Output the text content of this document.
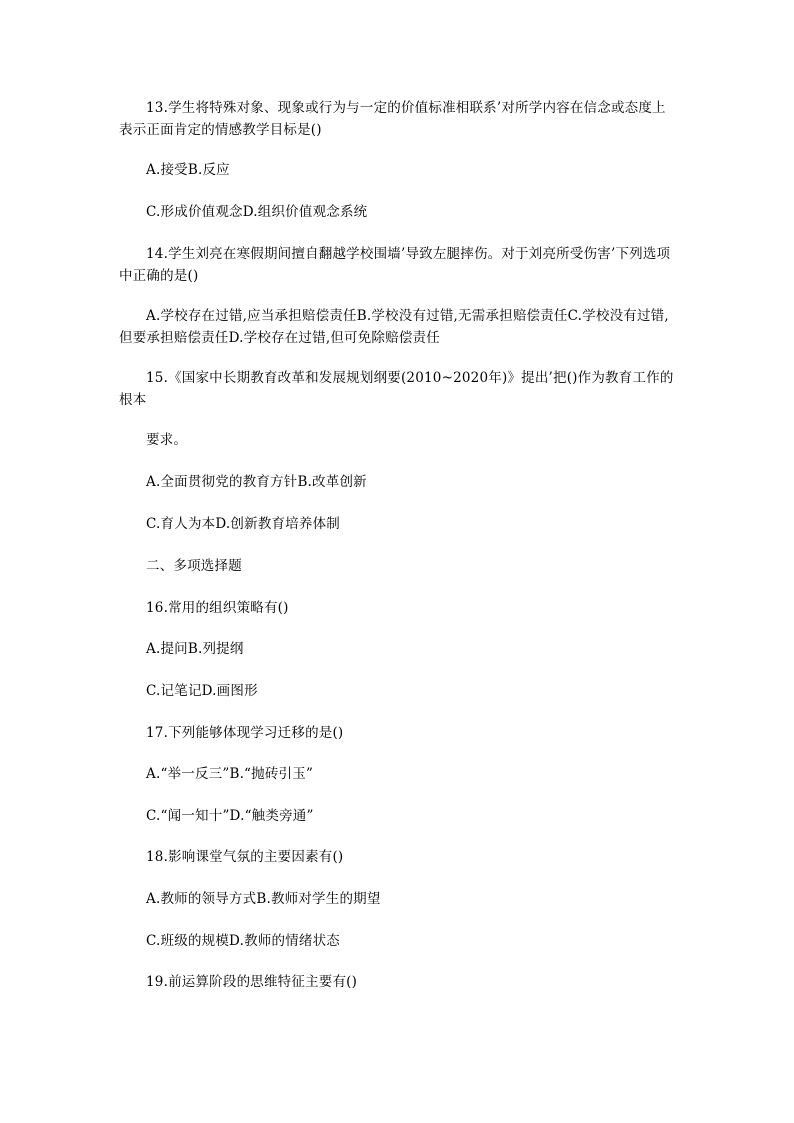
13.学生将特殊对象、现象或行为与一定的价值标准相联系’对所学内容在信念或态度上表示正面肯定的情感教学目标是()

A.接受B.反应

C.形成价值观念D.组织价值观念系统

14.学生刘亮在寒假期间擅自翻越学校围墙’导致左腿摔伤。对于刘亮所受伤害’下列选项中正确的是()

A.学校存在过错,应当承担赔偿责任B.学校没有过错,无需承担赔偿责任C.学校没有过错,但要承担赔偿责任D.学校存在过错,但可免除赔偿责任

15.《国家中长期教育改革和发展规划纲要(2010~2020年)》提出’把()作为教育工作的根本

要求。

A.全面贯彻党的教育方针B.改革创新

C.育人为本D.创新教育培养体制

二、多项选择题

16.常用的组织策略有()

A.提问B.列提纲

C.记笔记D.画图形

17.下列能够体现学习迁移的是()

A.“举一反三”B.“抛砖引玉”

C.“闻一知十”D.“触类旁通”

18.影响课堂气氛的主要因素有()

A.教师的领导方式B.教师对学生的期望

C.班级的规模D.教师的情绪状态

19.前运算阶段的思维特征主要有()
